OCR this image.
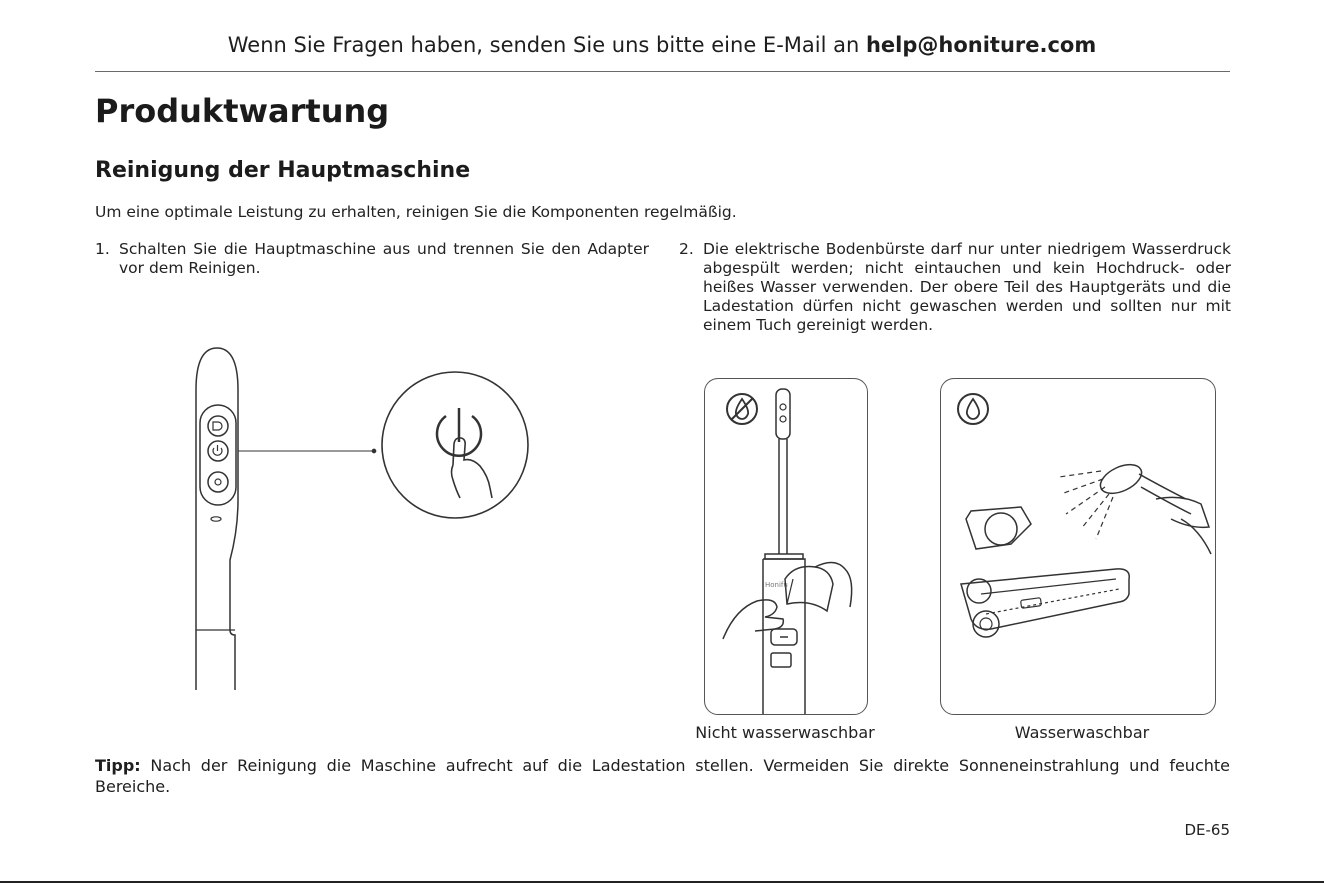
Wenn Sie Fragen haben, senden Sie uns bitte eine E-Mail an help@honiture.com
Produktwartung
Reinigung der Hauptmaschine
Um eine optimale Leistung zu erhalten, reinigen Sie die Komponenten regelmäßig.
1. Schalten Sie die Hauptmaschine aus und trennen Sie den Adapter vor dem Reinigen.
2. Die elektrische Bodenbürste darf nur unter niedrigem Wasserdruck abgespült werden; nicht eintauchen und kein Hochdruck- oder heißes Wasser verwenden. Der obere Teil des Hauptgeräts und die Ladestation dürfen nicht gewaschen werden und sollten nur mit einem Tuch gereinigt werden.
Honifu
Nicht wasserwaschbar	Wasserwaschbar
Tipp: Nach der Reinigung die Maschine aufrecht auf die Ladestation stellen. Vermeiden Sie direkte Sonneneinstrahlung und feuchte Bereiche.
DE-65
